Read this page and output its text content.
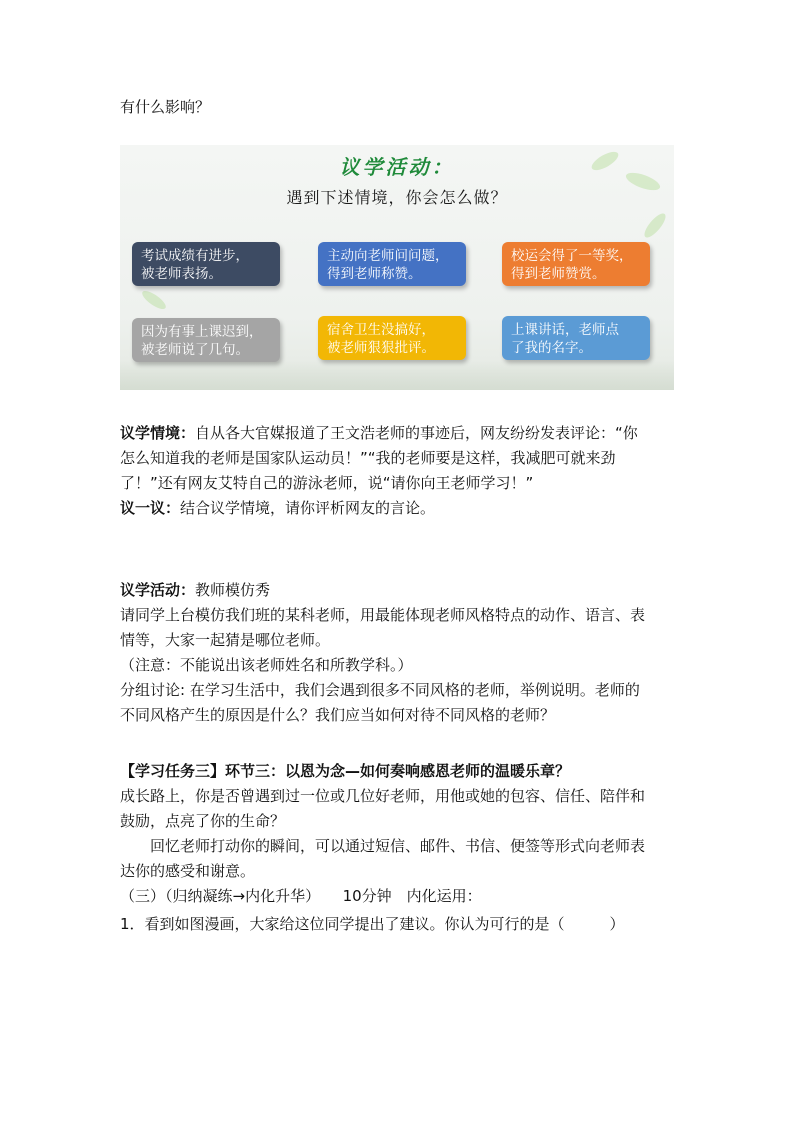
有什么影响？
议学活动：
遇到下述情境，你会怎么做？
考试成绩有进步，
被老师表扬。
主动向老师问问题，
得到老师称赞。
校运会得了一等奖，
得到老师赞赏。
因为有事上课迟到，
被老师说了几句。
宿舍卫生没搞好，
被老师狠狠批评。
上课讲话，老师点
了我的名字。
议学情境：自从各大官媒报道了王文浩老师的事迹后，网友纷纷发表评论：“你
怎么知道我的老师是国家队运动员！”“我的老师要是这样，我减肥可就来劲
了！”还有网友艾特自己的游泳老师，说“请你向王老师学习！”
议一议：结合议学情境，请你评析网友的言论。
议学活动：教师模仿秀
请同学上台模仿我们班的某科老师，用最能体现老师风格特点的动作、语言、表
情等，大家一起猜是哪位老师。
（注意：不能说出该老师姓名和所教学科。）
分组讨论: 在学习生活中，我们会遇到很多不同风格的老师，举例说明。老师的
不同风格产生的原因是什么？我们应当如何对待不同风格的老师？
【学习任务三】环节三：以恩为念—如何奏响感恩老师的温暖乐章？
成长路上，你是否曾遇到过一位或几位好老师，用他或她的包容、信任、陪伴和
鼓励，点亮了你的生命？
回忆老师打动你的瞬间，可以通过短信、邮件、书信、便签等形式向老师表
达你的感受和谢意。
（三）（归纳凝练→内化升华）　　10分钟　内化运用：
1．看到如图漫画，大家给这位同学提出了建议。你认为可行的是（　　　）
